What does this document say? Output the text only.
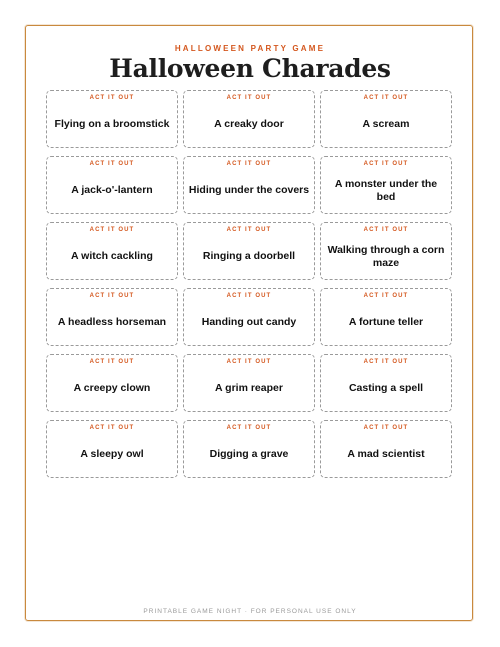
HALLOWEEN PARTY GAME
Halloween Charades
ACT IT OUT
Flying on a broomstick
ACT IT OUT
A creaky door
ACT IT OUT
A scream
ACT IT OUT
A jack-o'-lantern
ACT IT OUT
Hiding under the covers
ACT IT OUT
A monster under the bed
ACT IT OUT
A witch cackling
ACT IT OUT
Ringing a doorbell
ACT IT OUT
Walking through a corn maze
ACT IT OUT
A headless horseman
ACT IT OUT
Handing out candy
ACT IT OUT
A fortune teller
ACT IT OUT
A creepy clown
ACT IT OUT
A grim reaper
ACT IT OUT
Casting a spell
ACT IT OUT
A sleepy owl
ACT IT OUT
Digging a grave
ACT IT OUT
A mad scientist
PRINTABLE GAME NIGHT · FOR PERSONAL USE ONLY
